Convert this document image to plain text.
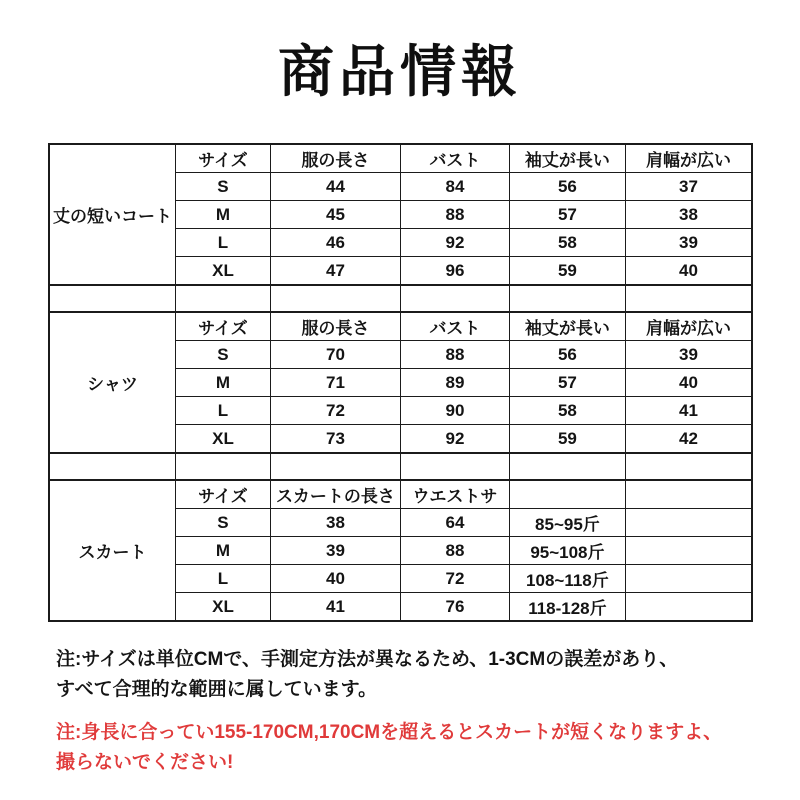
商品情報
丈の短いコート	サイズ	服の長さ	バスト	袖丈が長い	肩幅が広い
	S	44	84	56	37
	M	45	88	57	38
	L	46	92	58	39
	XL	47	96	59	40

シャツ	サイズ	服の長さ	バスト	袖丈が長い	肩幅が広い
	S	70	88	56	39
	M	71	89	57	40
	L	72	90	58	41
	XL	73	92	59	42

スカート	サイズ	スカートの長さ	ウエストサ		
	S	38	64	85~95斤	
	M	39	88	95~108斤	
	L	40	72	108~118斤	
	XL	41	76	118-128斤	
注:サイズは単位CMで、手測定方法が異なるため、1-3CMの誤差があり、
すべて合理的な範囲に属しています。
注:身長に合ってい155-170CM,170CMを超えるとスカートが短くなりますよ、
撮らないでください!
